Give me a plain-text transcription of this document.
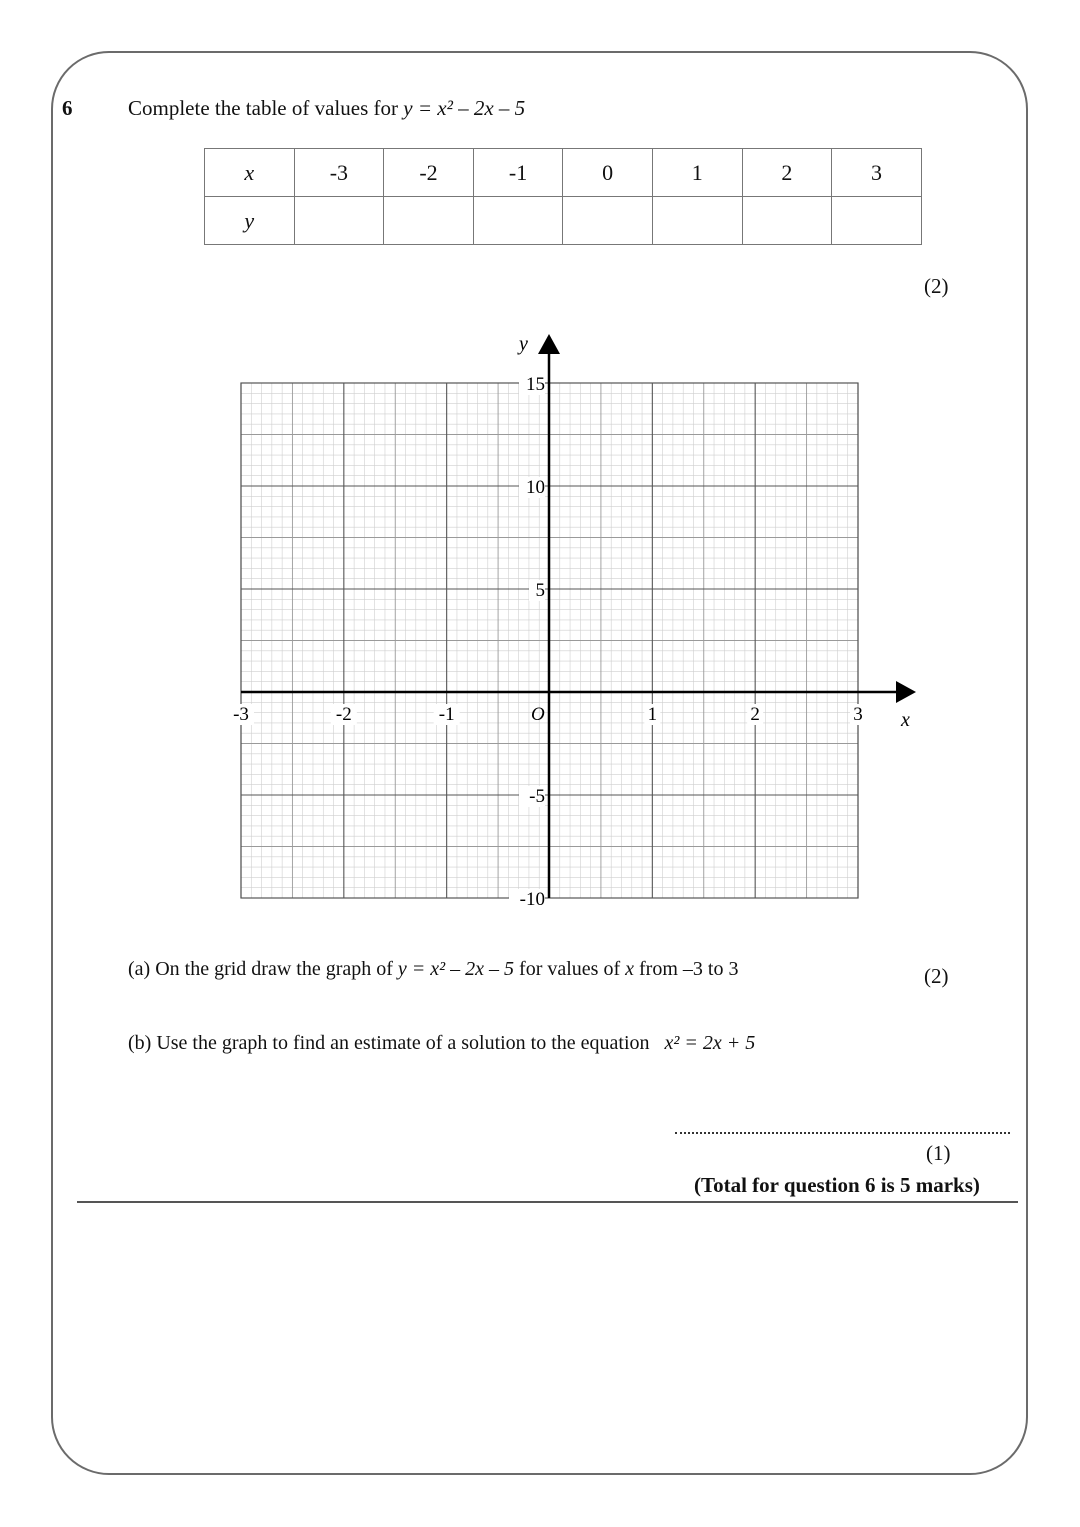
6	Complete the table of values for y = x² – 2x – 5
x	-3	-2	-1	0	1	2	3
y							
(2)
-3	-2	-1	1	2	3
15
10
5
-5
-10
y
x
O
(a) On the grid draw the graph of y = x² – 2x – 5 for values of x from –3 to 3	(2)
(b) Use the graph to find an estimate of a solution to the equation x² = 2x + 5
(1)
(Total for question 6 is 5 marks)
